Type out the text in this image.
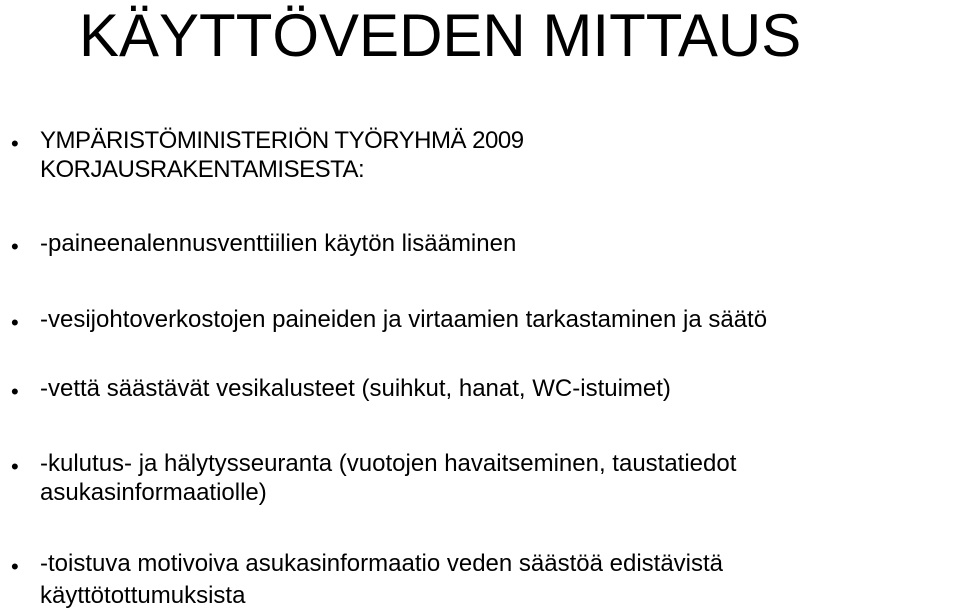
KÄYTTÖVEDEN MITTAUS
• YMPÄRISTÖMINISTERIÖN TYÖRYHMÄ 2009
KORJAUSRAKENTAMISESTA:
• -paineenalennusventtiilien käytön lisääminen
• -vesijohtoverkostojen paineiden ja virtaamien tarkastaminen ja säätö
• -vettä säästävät vesikalusteet (suihkut, hanat, WC-istuimet)
• -kulutus- ja hälytysseuranta (vuotojen havaitseminen, taustatiedot
asukasinformaatiolle)
• -toistuva motivoiva asukasinformaatio veden säästöä edistävistä
käyttötottumuksista
